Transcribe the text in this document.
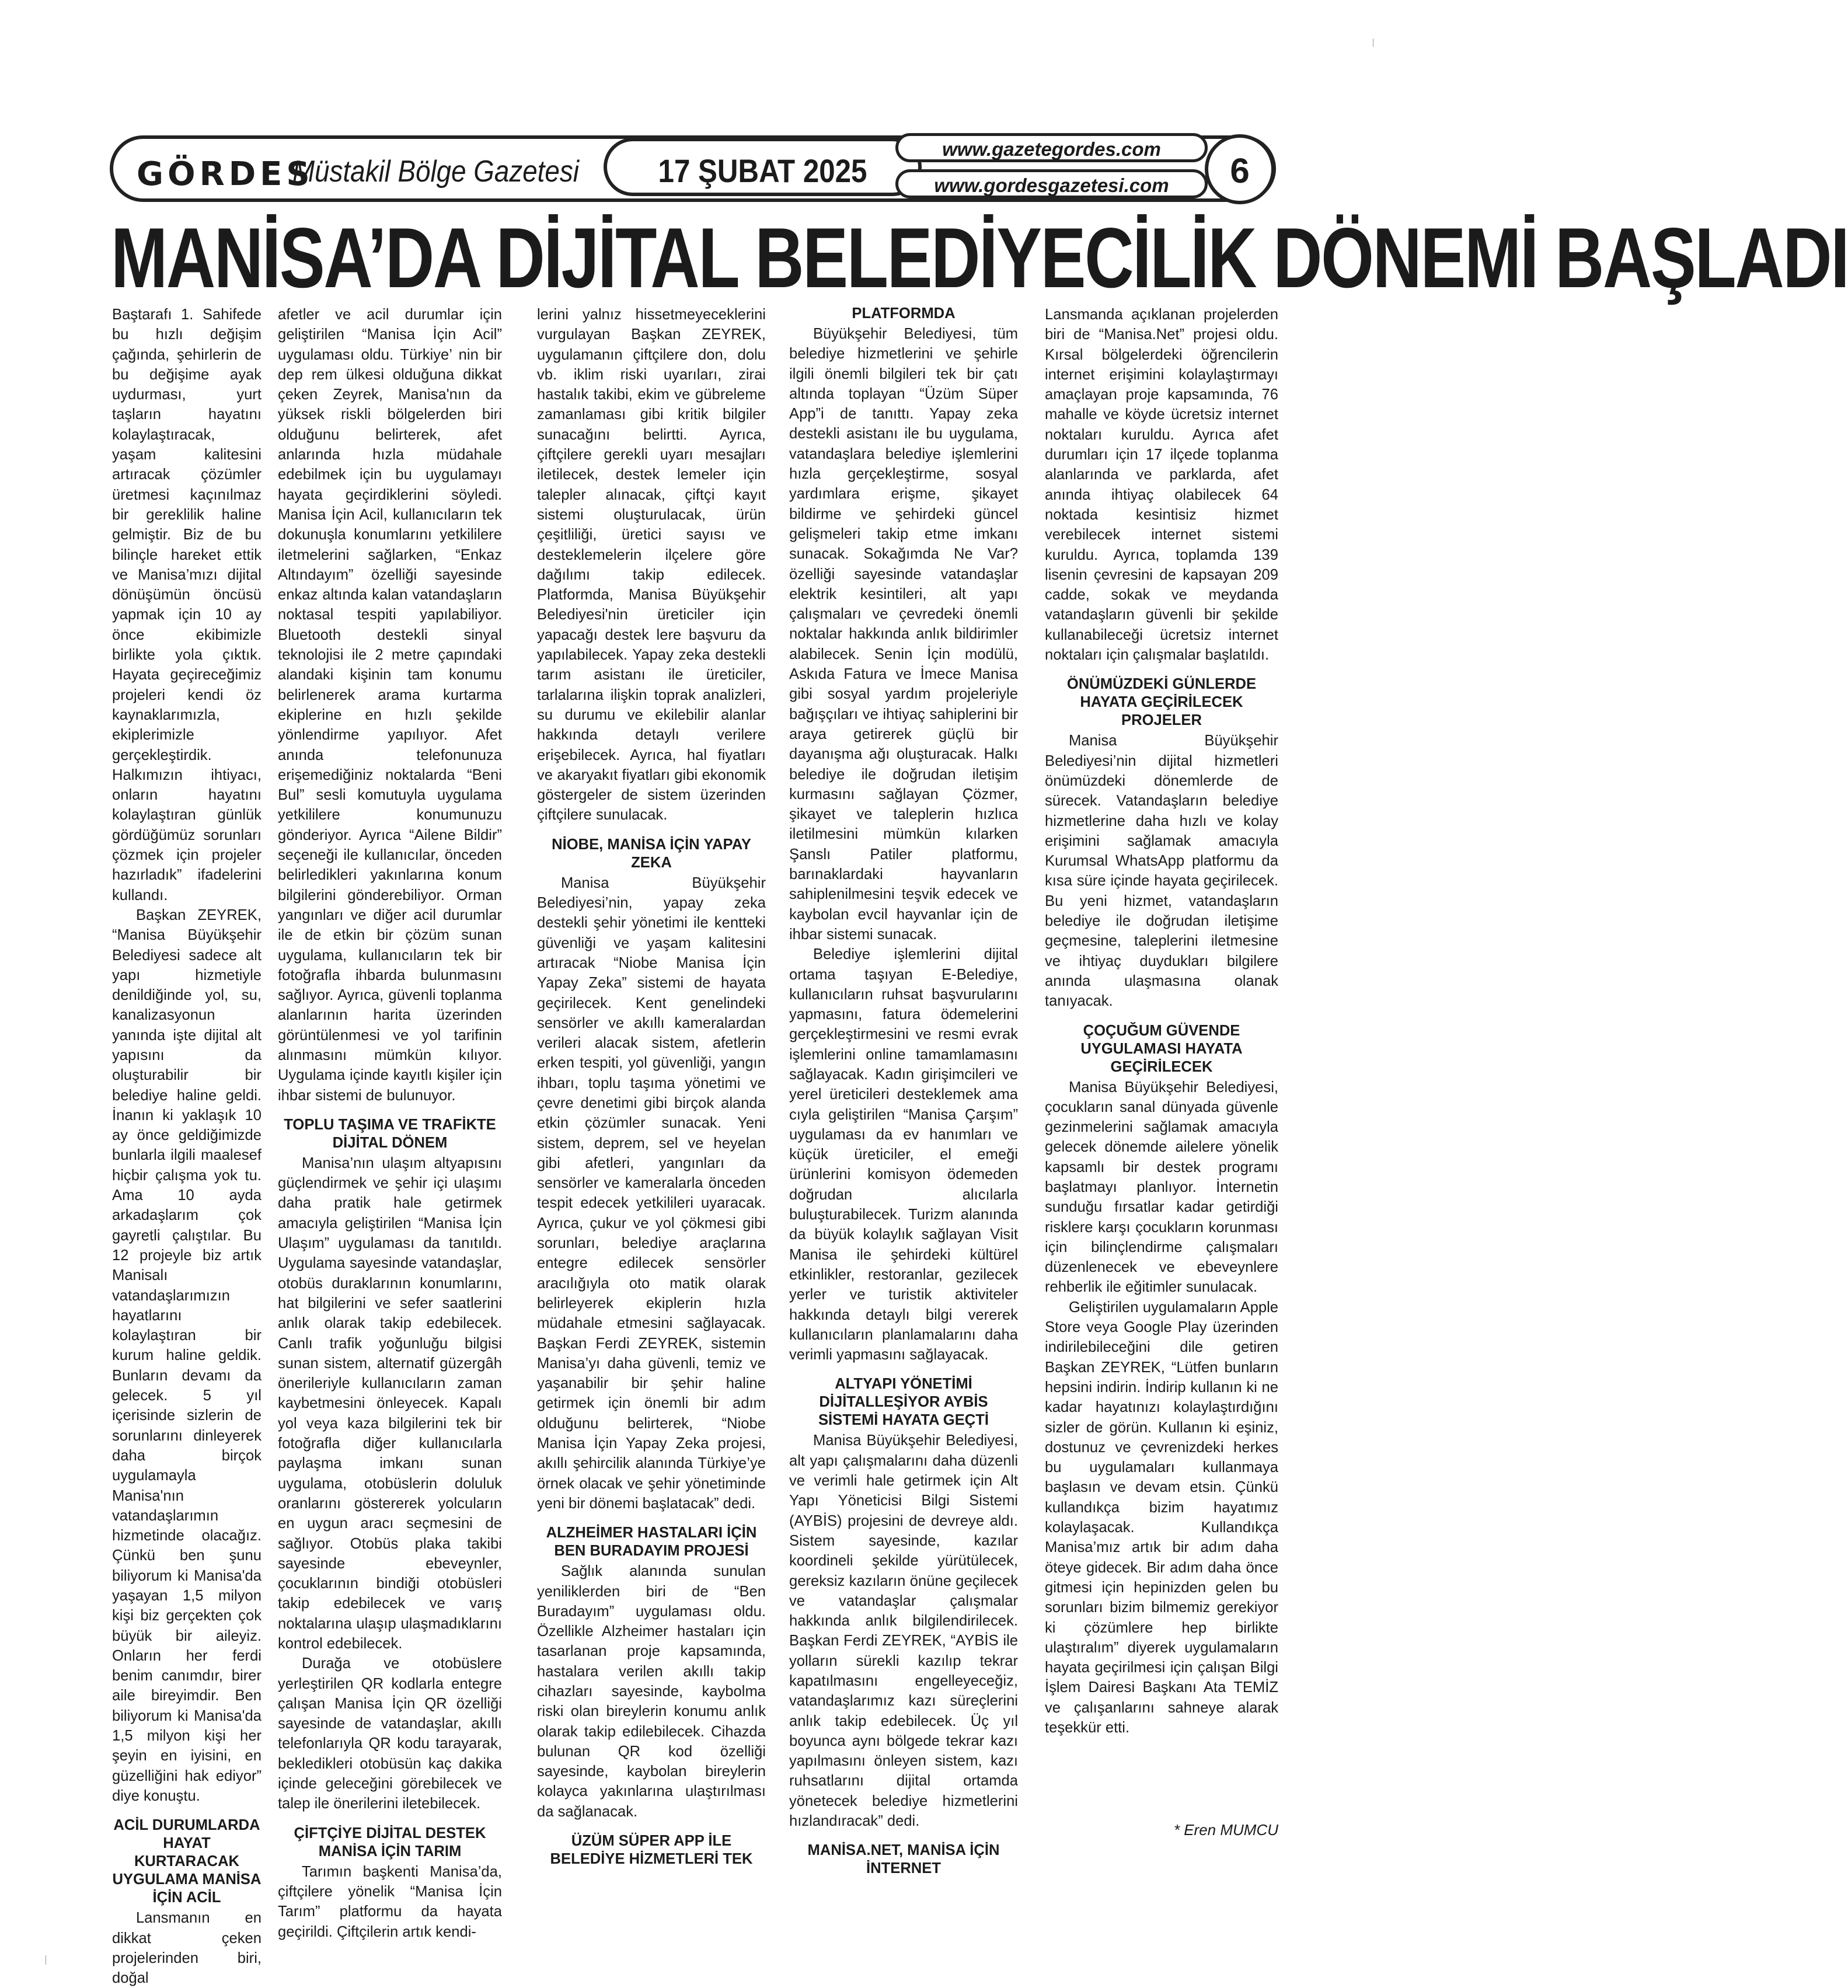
GÖRDES
Müstakil Bölge Gazetesi	17 ŞUBAT 2025
www.gazetegordes.com
www.gordesgazetesi.com	6
MANİSA’DA DİJİTAL BELEDİYECİLİK DÖNEMİ BAŞLADI

Baştarafı 1. Sahifede bu hızlı değişim çağında, şehirlerin de bu değişime ayak uydurması, yurt taşların hayatını kolaylaştıracak, yaşam kalitesini artıracak çözümler üretmesi kaçınılmaz bir gereklilik haline gelmiştir. Biz de bu bilinçle hareket ettik ve Manisa’mızı dijital dönüşümün öncüsü yapmak için 10 ay önce ekibimizle birlikte yola çıktık. Hayata geçireceğimiz projeleri kendi öz kaynaklarımızla, ekiplerimizle gerçekleştirdik. Halkımızın ihtiyacı, onların hayatını kolaylaştıran günlük gördüğümüz sorunları çözmek için projeler hazırladık” ifadelerini kullandı.

Başkan ZEYREK, “Manisa Büyükşehir Belediyesi sadece alt yapı hizmetiyle denildiğinde yol, su, kanalizasyonun yanında işte dijital alt yapısını da oluşturabilir bir belediye haline geldi. İnanın ki yaklaşık 10 ay önce geldiğimizde bunlarla ilgili maalesef hiçbir çalışma yok tu. Ama 10 ayda arkadaşlarım çok gayretli çalıştılar. Bu 12 projeyle biz artık Manisalı vatandaşlarımızın hayatlarını kolaylaştıran bir kurum haline geldik. Bunların devamı da gelecek. 5 yıl içerisinde sizlerin de sorunlarını dinleyerek daha birçok uygulamayla Manisa'nın vatandaşlarımın hizmetinde olacağız. Çünkü ben şunu biliyorum ki Manisa'da yaşayan 1,5 milyon kişi biz gerçekten çok büyük bir aileyiz. Onların her ferdi benim canımdır, birer aile bireyimdir. Ben biliyorum ki Manisa'da 1,5 milyon kişi her şeyin en iyisini, en güzelliğini hak ediyor” diye konuştu.

ACİL DURUMLARDA HAYAT KURTARACAK UYGULAMA MANİSA İÇİN ACİL

Lansmanın en dikkat çeken projelerinden biri, doğal

afetler ve acil durumlar için geliştirilen “Manisa İçin Acil” uygulaması oldu. Türkiye’ nin bir dep rem ülkesi olduğuna dikkat çeken Zeyrek, Manisa'nın da yüksek riskli bölgelerden biri olduğunu belirterek, afet anlarında hızla müdahale edebilmek için bu uygulamayı hayata geçirdiklerini söyledi. Manisa İçin Acil, kullanıcıların tek dokunuşla konumlarını yetkililere iletmelerini sağlarken, “Enkaz Altındayım” özelliği sayesinde enkaz altında kalan vatandaşların noktasal tespiti yapılabiliyor. Bluetooth destekli sinyal teknolojisi ile 2 metre çapındaki alandaki kişinin tam konumu belirlenerek arama kurtarma ekiplerine en hızlı şekilde yönlendirme yapılıyor. Afet anında telefonunuza erişemediğiniz noktalarda “Beni Bul” sesli komutuyla uygulama yetkililere konumunuzu gönderiyor. Ayrıca “Ailene Bildir” seçeneği ile kullanıcılar, önceden belirledikleri yakınlarına konum bilgilerini gönderebiliyor. Orman yangınları ve diğer acil durumlar ile de etkin bir çözüm sunan uygulama, kullanıcıların tek bir fotoğrafla ihbarda bulunmasını sağlıyor. Ayrıca, güvenli toplanma alanlarının harita üzerinden görüntülenmesi ve yol tarifinin alınmasını mümkün kılıyor. Uygulama içinde kayıtlı kişiler için ihbar sistemi de bulunuyor.

TOPLU TAŞIMA VE TRAFİKTE DİJİTAL DÖNEM

Manisa’nın ulaşım altyapısını güçlendirmek ve şehir içi ulaşımı daha pratik hale getirmek amacıyla geliştirilen “Manisa İçin Ulaşım” uygulaması da tanıtıldı. Uygulama sayesinde vatandaşlar, otobüs duraklarının konumlarını, hat bilgilerini ve sefer saatlerini anlık olarak takip edebilecek. Canlı trafik yoğunluğu bilgisi sunan sistem, alternatif güzergâh önerileriyle kullanıcıların zaman kaybetmesini önleyecek. Kapalı yol veya kaza bilgilerini tek bir fotoğrafla diğer kullanıcılarla paylaşma imkanı sunan uygulama, otobüslerin doluluk oranlarını göstererek yolcuların en uygun aracı seçmesini de sağlıyor. Otobüs plaka takibi sayesinde ebeveynler, çocuklarının bindiği otobüsleri takip edebilecek ve varış noktalarına ulaşıp ulaşmadıklarını kontrol edebilecek.

Durağa ve otobüslere yerleştirilen QR kodlarla entegre çalışan Manisa İçin QR özelliği sayesinde de vatandaşlar, akıllı telefonlarıyla QR kodu tarayarak, bekledikleri otobüsün kaç dakika içinde geleceğini görebilecek ve talep ile önerilerini iletebilecek.

ÇİFTÇİYE DİJİTAL DESTEK MANİSA İÇİN TARIM

Tarımın başkenti Manisa’da, çiftçilere yönelik “Manisa İçin Tarım” platformu da hayata geçirildi. Çiftçilerin artık kendi-

lerini yalnız hissetmeyeceklerini vurgulayan Başkan ZEYREK, uygulamanın çiftçilere don, dolu vb. iklim riski uyarıları, zirai hastalık takibi, ekim ve gübreleme zamanlaması gibi kritik bilgiler sunacağını belirtti. Ayrıca, çiftçilere gerekli uyarı mesajları iletilecek, destek lemeler için talepler alınacak, çiftçi kayıt sistemi oluşturulacak, ürün çeşitliliği, üretici sayısı ve desteklemelerin ilçelere göre dağılımı takip edilecek. Platformda, Manisa Büyükşehir Belediyesi'nin üreticiler için yapacağı destek lere başvuru da yapılabilecek. Yapay zeka destekli tarım asistanı ile üreticiler, tarlalarına ilişkin toprak analizleri, su durumu ve ekilebilir alanlar hakkında detaylı verilere erişebilecek. Ayrıca, hal fiyatları ve akaryakıt fiyatları gibi ekonomik göstergeler de sistem üzerinden çiftçilere sunulacak.

NİOBE, MANİSA İÇİN YAPAY ZEKA

Manisa Büyükşehir Belediyesi’nin, yapay zeka destekli şehir yönetimi ile kentteki güvenliği ve yaşam kalitesini artıracak “Niobe Manisa İçin Yapay Zeka” sistemi de hayata geçirilecek. Kent genelindeki sensörler ve akıllı kameralardan verileri alacak sistem, afetlerin erken tespiti, yol güvenliği, yangın ihbarı, toplu taşıma yönetimi ve çevre denetimi gibi birçok alanda etkin çözümler sunacak. Yeni sistem, deprem, sel ve heyelan gibi afetleri, yangınları da sensörler ve kameralarla önceden tespit edecek yetkilileri uyaracak. Ayrıca, çukur ve yol çökmesi gibi sorunları, belediye araçlarına entegre edilecek sensörler aracılığıyla oto matik olarak belirleyerek ekiplerin hızla müdahale etmesini sağlayacak. Başkan Ferdi ZEYREK, sistemin Manisa’yı daha güvenli, temiz ve yaşanabilir bir şehir haline getirmek için önemli bir adım olduğunu belirterek, “Niobe Manisa İçin Yapay Zeka projesi, akıllı şehircilik alanında Türkiye’ye örnek olacak ve şehir yönetiminde yeni bir dönemi başlatacak” dedi.

ALZHEİMER HASTALARI İÇİN BEN BURADAYIM PROJESİ

Sağlık alanında sunulan yeniliklerden biri de “Ben Buradayım” uygulaması oldu. Özellikle Alzheimer hastaları için tasarlanan proje kapsamında, hastalara verilen akıllı takip cihazları sayesinde, kaybolma riski olan bireylerin konumu anlık olarak takip edilebilecek. Cihazda bulunan QR kod özelliği sayesinde, kaybolan bireylerin kolayca yakınlarına ulaştırılması da sağlanacak.

ÜZÜM SÜPER APP İLE BELEDİYE HİZMETLERİ TEK

PLATFORMDA

Büyükşehir Belediyesi, tüm belediye hizmetlerini ve şehirle ilgili önemli bilgileri tek bir çatı altında toplayan “Üzüm Süper App”i de tanıttı. Yapay zeka destekli asistanı ile bu uygulama, vatandaşlara belediye işlemlerini hızla gerçekleştirme, sosyal yardımlara erişme, şikayet bildirme ve şehirdeki güncel gelişmeleri takip etme imkanı sunacak. Sokağımda Ne Var? özelliği sayesinde vatandaşlar elektrik kesintileri, alt yapı çalışmaları ve çevredeki önemli noktalar hakkında anlık bildirimler alabilecek. Senin İçin modülü, Askıda Fatura ve İmece Manisa gibi sosyal yardım projeleriyle bağışçıları ve ihtiyaç sahiplerini bir araya getirerek güçlü bir dayanışma ağı oluşturacak. Halkı belediye ile doğrudan iletişim kurmasını sağlayan Çözmer, şikayet ve taleplerin hızlıca iletilmesini mümkün kılarken Şanslı Patiler platformu, barınaklardaki hayvanların sahiplenilmesini teşvik edecek ve kaybolan evcil hayvanlar için de ihbar sistemi sunacak.

Belediye işlemlerini dijital ortama taşıyan E-Belediye, kullanıcıların ruhsat başvurularını yapmasını, fatura ödemelerini gerçekleştirmesini ve resmi evrak işlemlerini online tamamlamasını sağlayacak. Kadın girişimcileri ve yerel üreticileri desteklemek ama cıyla geliştirilen “Manisa Çarşım” uygulaması da ev hanımları ve küçük üreticiler, el emeği ürünlerini komisyon ödemeden doğrudan alıcılarla buluşturabilecek. Turizm alanında da büyük kolaylık sağlayan Visit Manisa ile şehirdeki kültürel etkinlikler, restoranlar, gezilecek yerler ve turistik aktiviteler hakkında detaylı bilgi vererek kullanıcıların planlamalarını daha verimli yapmasını sağlayacak.

ALTYAPI YÖNETİMİ DİJİTALLEŞİYOR AYBİS SİSTEMİ HAYATA GEÇTİ

Manisa Büyükşehir Belediyesi, alt yapı çalışmalarını daha düzenli ve verimli hale getirmek için Alt Yapı Yöneticisi Bilgi Sistemi (AYBİS) projesini de devreye aldı. Sistem sayesinde, kazılar koordineli şekilde yürütülecek, gereksiz kazıların önüne geçilecek ve vatandaşlar çalışmalar hakkında anlık bilgilendirilecek. Başkan Ferdi ZEYREK, “AYBİS ile yolların sürekli kazılıp tekrar kapatılmasını engelleyeceğiz, vatandaşlarımız kazı süreçlerini anlık takip edebilecek. Üç yıl boyunca aynı bölgede tekrar kazı yapılmasını önleyen sistem, kazı ruhsatlarını dijital ortamda yönetecek belediye hizmetlerini hızlandıracak” dedi.

MANİSA.NET, MANİSA İÇİN İNTERNET

Lansmanda açıklanan projelerden biri de “Manisa.Net” projesi oldu. Kırsal bölgelerdeki öğrencilerin internet erişimini kolaylaştırmayı amaçlayan proje kapsamında, 76 mahalle ve köyde ücretsiz internet noktaları kuruldu. Ayrıca afet durumları için 17 ilçede toplanma alanlarında ve parklarda, afet anında ihtiyaç olabilecek 64 noktada kesintisiz hizmet verebilecek internet sistemi kuruldu. Ayrıca, toplamda 139 lisenin çevresini de kapsayan 209 cadde, sokak ve meydanda vatandaşların güvenli bir şekilde kullanabileceği ücretsiz internet noktaları için çalışmalar başlatıldı.

ÖNÜMÜZDEKİ GÜNLERDE HAYATA GEÇİRİLECEK PROJELER

Manisa Büyükşehir Belediyesi’nin dijital hizmetleri önümüzdeki dönemlerde de sürecek. Vatandaşların belediye hizmetlerine daha hızlı ve kolay erişimini sağlamak amacıyla Kurumsal WhatsApp platformu da kısa süre içinde hayata geçirilecek. Bu yeni hizmet, vatandaşların belediye ile doğrudan iletişime geçmesine, taleplerini iletmesine ve ihtiyaç duydukları bilgilere anında ulaşmasına olanak tanıyacak.

ÇOÇUĞUM GÜVENDE UYGULAMASI HAYATA GEÇİRİLECEK

Manisa Büyükşehir Belediyesi, çocukların sanal dünyada güvenle gezinmelerini sağlamak amacıyla gelecek dönemde ailelere yönelik kapsamlı bir destek programı başlatmayı planlıyor. İnternetin sunduğu fırsatlar kadar getirdiği risklere karşı çocukların korunması için bilinçlendirme çalışmaları düzenlenecek ve ebeveynlere rehberlik ile eğitimler sunulacak.

Geliştirilen uygulamaların Apple Store veya Google Play üzerinden indirilebileceğini dile getiren Başkan ZEYREK, “Lütfen bunların hepsini indirin. İndirip kullanın ki ne kadar hayatınızı kolaylaştırdığını sizler de görün. Kullanın ki eşiniz, dostunuz ve çevrenizdeki herkes bu uygulamaları kullanmaya başlasın ve devam etsin. Çünkü kullandıkça bizim hayatımız kolaylaşacak. Kullandıkça Manisa’mız artık bir adım daha öteye gidecek. Bir adım daha önce gitmesi için hepinizden gelen bu sorunları bizim bilmemiz gerekiyor ki çözümlere hep birlikte ulaştıralım” diyerek uygulamaların hayata geçirilmesi için çalışan Bilgi İşlem Dairesi Başkanı Ata TEMİZ ve çalışanlarını sahneye alarak teşekkür etti.

* Eren MUMCU
